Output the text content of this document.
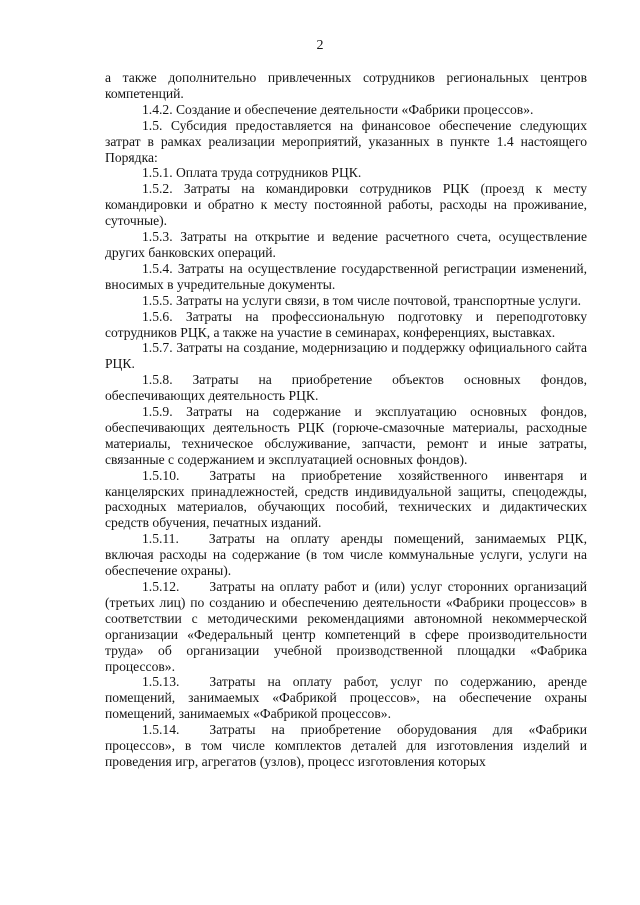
2

а также дополнительно привлеченных сотрудников региональных центров компетенций.

1.4.2. Создание и обеспечение деятельности «Фабрики процессов».

1.5. Субсидия предоставляется на финансовое обеспечение следующих затрат в рамках реализации мероприятий, указанных в пункте 1.4 настоящего Порядка:

1.5.1. Оплата труда сотрудников РЦК.

1.5.2. Затраты на командировки сотрудников РЦК (проезд к месту командировки и обратно к месту постоянной работы, расходы на проживание, суточные).

1.5.3. Затраты на открытие и ведение расчетного счета, осуществление других банковских операций.

1.5.4. Затраты на осуществление государственной регистрации изменений, вносимых в учредительные документы.

1.5.5. Затраты на услуги связи, в том числе почтовой, транспортные услуги.

1.5.6. Затраты на профессиональную подготовку и переподготовку сотрудников РЦК, а также на участие в семинарах, конференциях, выставках.

1.5.7. Затраты на создание, модернизацию и поддержку официального сайта РЦК.

1.5.8. Затраты на приобретение объектов основных фондов, обеспечивающих деятельность РЦК.

1.5.9. Затраты на содержание и эксплуатацию основных фондов, обеспечивающих деятельность РЦК (горюче-смазочные материалы, расходные материалы, техническое обслуживание, запчасти, ремонт и иные затраты, связанные с содержанием и эксплуатацией основных фондов).

1.5.10. Затраты на приобретение хозяйственного инвентаря и канцелярских принадлежностей, средств индивидуальной защиты, спецодежды, расходных материалов, обучающих пособий, технических и дидактических средств обучения, печатных изданий.

1.5.11. Затраты на оплату аренды помещений, занимаемых РЦК, включая расходы на содержание (в том числе коммунальные услуги, услуги на обеспечение охраны).

1.5.12. Затраты на оплату работ и (или) услуг сторонних организаций (третьих лиц) по созданию и обеспечению деятельности «Фабрики процессов» в соответствии с методическими рекомендациями автономной некоммерческой организации «Федеральный центр компетенций в сфере производительности труда» об организации учебной производственной площадки «Фабрика процессов».

1.5.13. Затраты на оплату работ, услуг по содержанию, аренде помещений, занимаемых «Фабрикой процессов», на обеспечение охраны помещений, занимаемых «Фабрикой процессов».

1.5.14. Затраты на приобретение оборудования для «Фабрики процессов», в том числе комплектов деталей для изготовления изделий и проведения игр, агрегатов (узлов), процесс изготовления которых
